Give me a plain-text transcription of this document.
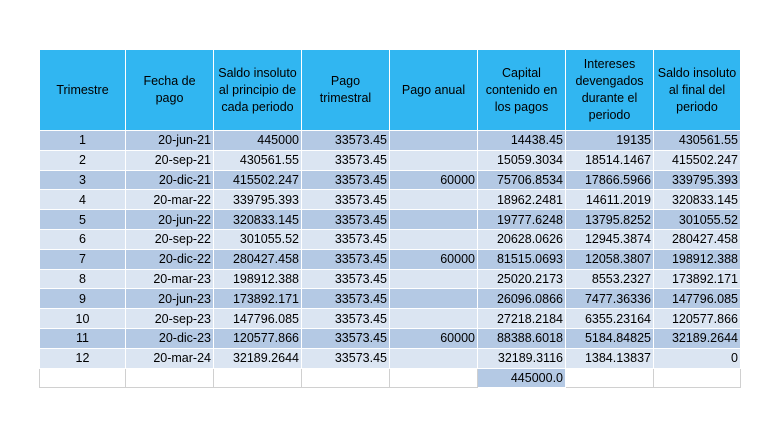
Trimestre	Fecha de pago	Saldo insoluto al principio de cada periodo	Pago trimestral	Pago anual	Capital contenido en los pagos	Intereses devengados durante el periodo	Saldo insoluto al final del periodo
1	20-jun-21	445000	33573.45		14438.45	19135	430561.55
2	20-sep-21	430561.55	33573.45		15059.3034	18514.1467	415502.247
3	20-dic-21	415502.247	33573.45	60000	75706.8534	17866.5966	339795.393
4	20-mar-22	339795.393	33573.45		18962.2481	14611.2019	320833.145
5	20-jun-22	320833.145	33573.45		19777.6248	13795.8252	301055.52
6	20-sep-22	301055.52	33573.45		20628.0626	12945.3874	280427.458
7	20-dic-22	280427.458	33573.45	60000	81515.0693	12058.3807	198912.388
8	20-mar-23	198912.388	33573.45		25020.2173	8553.2327	173892.171
9	20-jun-23	173892.171	33573.45		26096.0866	7477.36336	147796.085
10	20-sep-23	147796.085	33573.45		27218.2184	6355.23164	120577.866
11	20-dic-23	120577.866	33573.45	60000	88388.6018	5184.84825	32189.2644
12	20-mar-24	32189.2644	33573.45		32189.3116	1384.13837	0
					445000.0		
